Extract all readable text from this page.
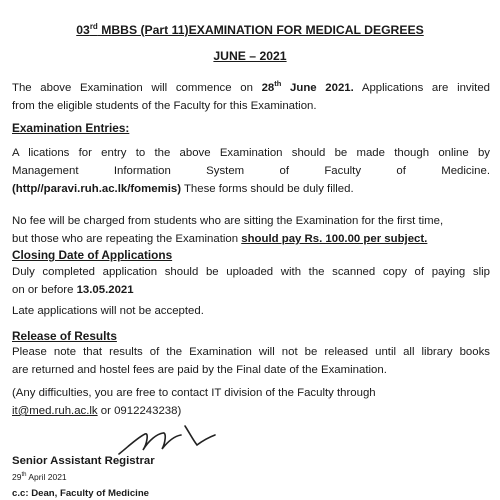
03rd MBBS (Part 11)EXAMINATION FOR MEDICAL DEGREES
JUNE – 2021
The above Examination will commence on 28th June 2021. Applications are invited
from the eligible students of the Faculty for this Examination.
Examination Entries:
A lications for entry to the above Examination should be made though online by
Management Information System of Faculty of Medicine.
(http//paravi.ruh.ac.lk/fomemis) These forms should be duly filled.
No fee will be charged from students who are sitting the Examination for the first time,
but those who are repeating the Examination should pay Rs. 100.00 per subject.
Closing Date of Applications
Duly completed application should be uploaded with the scanned copy of paying slip
on or before 13.05.2021
Late applications will not be accepted.
Release of Results
Please note that results of the Examination will not be released until all library books
are returned and hostel fees are paid by the Final date of the Examination.
(Any difficulties, you are free to contact IT division of the Faculty through
it@med.ruh.ac.lk or 0912243238)
Senior Assistant Registrar
29th April 2021
c.c: Dean, Faculty of Medicine
